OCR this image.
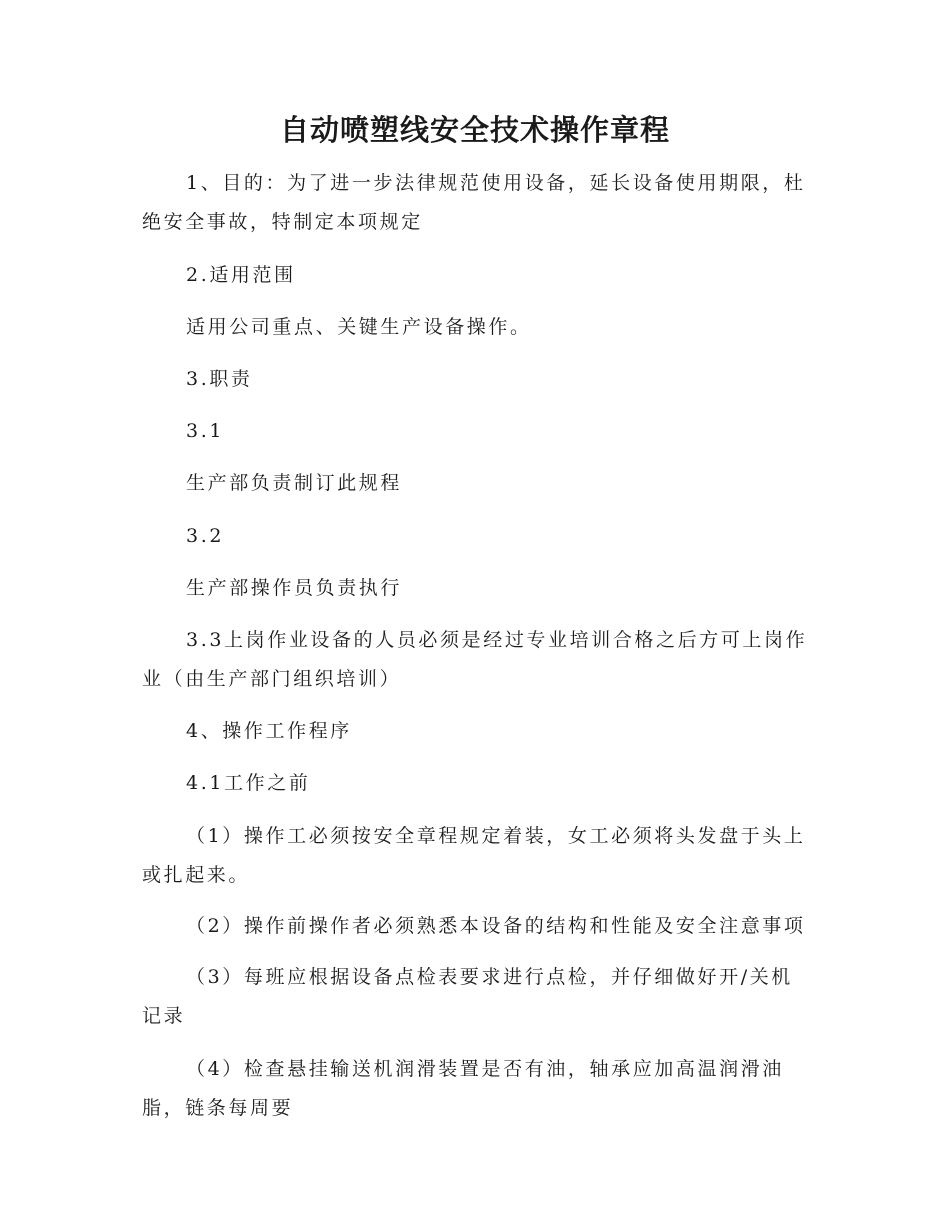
自动喷塑线安全技术操作章程
1、目的：为了进一步法律规范使用设备，延长设备使用期限，杜
绝安全事故，特制定本项规定
2.适用范围
适用公司重点、关键生产设备操作。
3.职责
3.1
生产部负责制订此规程
3.2
生产部操作员负责执行
3.3上岗作业设备的人员必须是经过专业培训合格之后方可上岗作
业（由生产部门组织培训）
4、操作工作程序
4.1工作之前
（1）操作工必须按安全章程规定着装，女工必须将头发盘于头上
或扎起来。
（2）操作前操作者必须熟悉本设备的结构和性能及安全注意事项
（3）每班应根据设备点检表要求进行点检，并仔细做好开/关机
记录
（4）检查悬挂输送机润滑装置是否有油，轴承应加高温润滑油
脂，链条每周要
